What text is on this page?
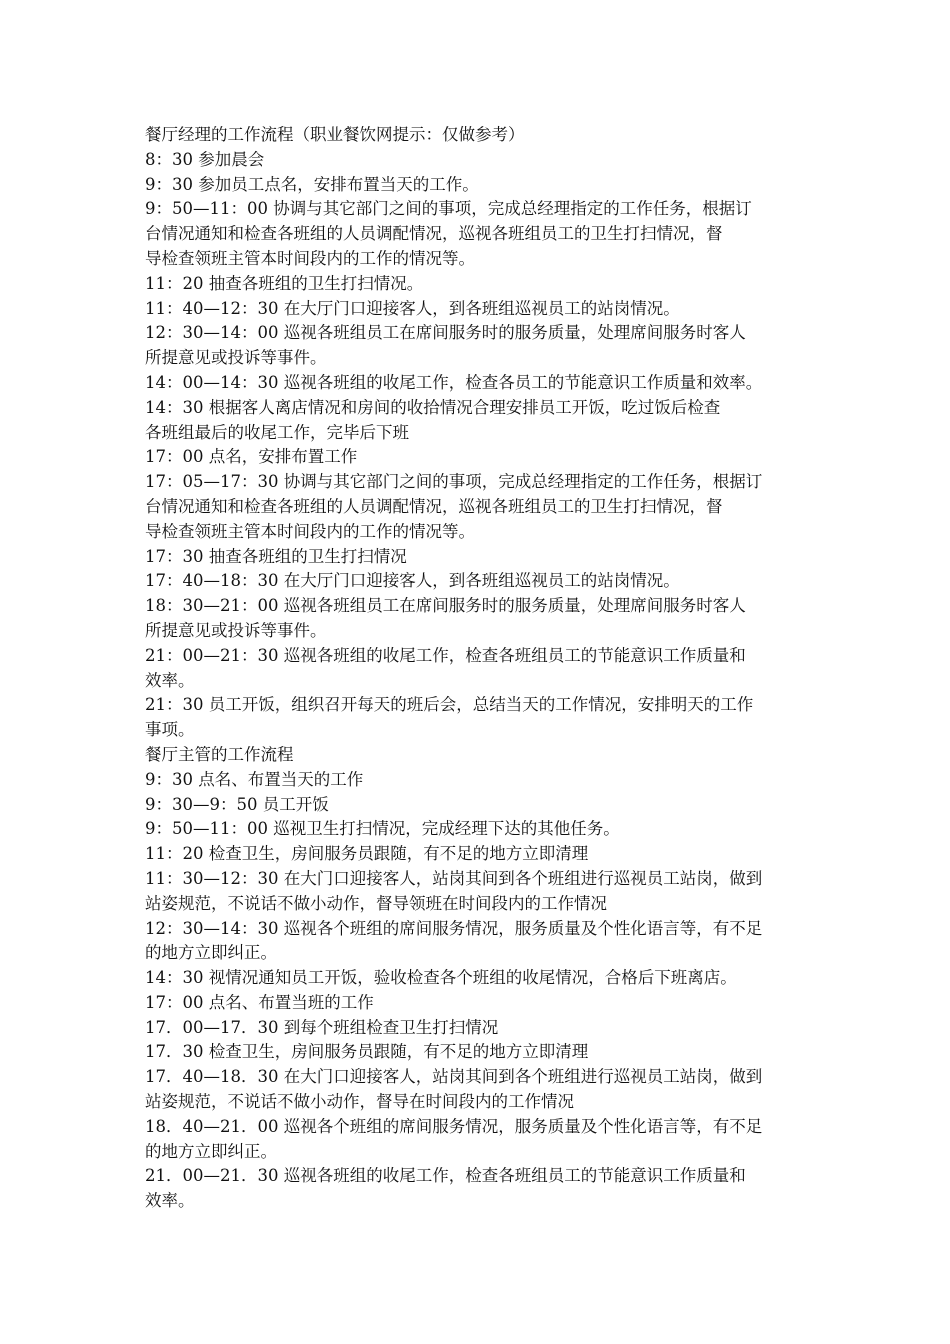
餐厅经理的工作流程（职业餐饮网提示：仅做参考）

8：30 参加晨会

9：30 参加员工点名，安排布置当天的工作。

9：50—11：00 协调与其它部门之间的事项，完成总经理指定的工作任务，根据订

台情况通知和检查各班组的人员调配情况，巡视各班组员工的卫生打扫情况，督

导检查领班主管本时间段内的工作的情况等。

11：20 抽查各班组的卫生打扫情况。

11：40—12：30 在大厅门口迎接客人，到各班组巡视员工的站岗情况。

12：30—14：00 巡视各班组员工在席间服务时的服务质量，处理席间服务时客人

所提意见或投诉等事件。

14：00—14：30 巡视各班组的收尾工作，检查各员工的节能意识工作质量和效率。

14：30 根据客人离店情况和房间的收拾情况合理安排员工开饭，吃过饭后检查

各班组最后的收尾工作，完毕后下班

17：00 点名，安排布置工作

17：05—17：30 协调与其它部门之间的事项，完成总经理指定的工作任务，根据订

台情况通知和检查各班组的人员调配情况，巡视各班组员工的卫生打扫情况，督

导检查领班主管本时间段内的工作的情况等。

17：30 抽查各班组的卫生打扫情况

17：40—18：30 在大厅门口迎接客人，到各班组巡视员工的站岗情况。

18：30—21：00 巡视各班组员工在席间服务时的服务质量，处理席间服务时客人

所提意见或投诉等事件。

21：00—21：30 巡视各班组的收尾工作，检查各班组员工的节能意识工作质量和

效率。

21：30 员工开饭，组织召开每天的班后会，总结当天的工作情况，安排明天的工作

事项。

餐厅主管的工作流程

9：30 点名、布置当天的工作

9：30—9：50 员工开饭

9：50—11：00 巡视卫生打扫情况，完成经理下达的其他任务。

11：20 检查卫生，房间服务员跟随，有不足的地方立即清理

11：30—12：30 在大门口迎接客人，站岗其间到各个班组进行巡视员工站岗，做到

站姿规范，不说话不做小动作，督导领班在时间段内的工作情况

12：30—14：30 巡视各个班组的席间服务情况，服务质量及个性化语言等，有不足

的地方立即纠正。

14：30 视情况通知员工开饭，验收检查各个班组的收尾情况，合格后下班离店。

17：00 点名、布置当班的工作

17．00—17．30 到每个班组检查卫生打扫情况

17．30 检查卫生，房间服务员跟随，有不足的地方立即清理

17．40—18．30 在大门口迎接客人，站岗其间到各个班组进行巡视员工站岗，做到

站姿规范，不说话不做小动作，督导在时间段内的工作情况

18．40—21．00 巡视各个班组的席间服务情况，服务质量及个性化语言等，有不足

的地方立即纠正。

21．00—21．30 巡视各班组的收尾工作，检查各班组员工的节能意识工作质量和

效率。
